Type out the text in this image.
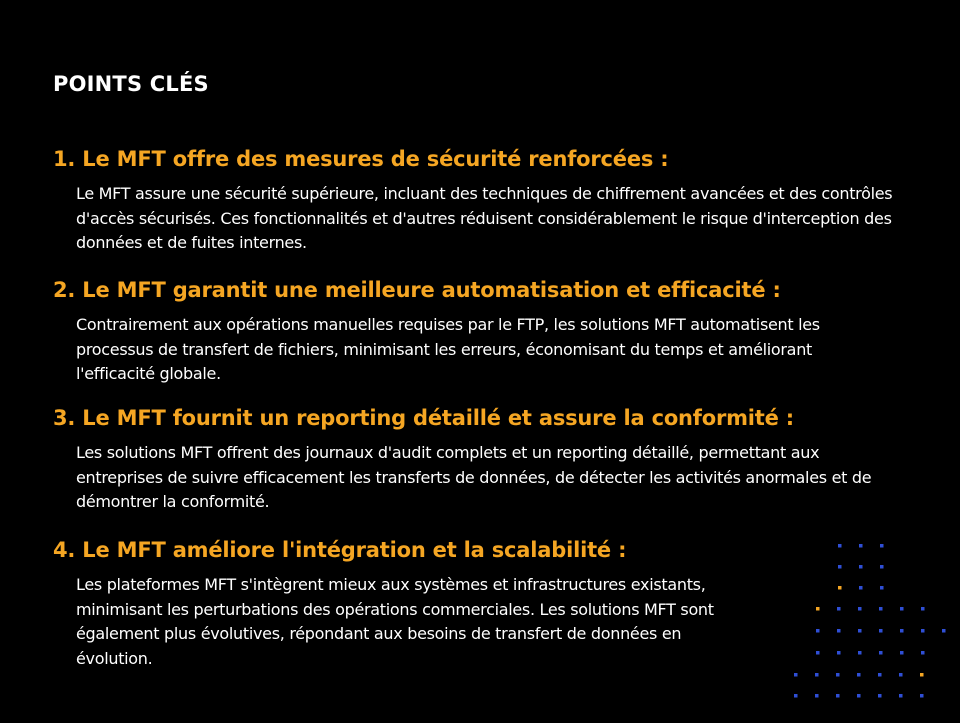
POINTS CLÉS
1. Le MFT offre des mesures de sécurité renforcées :

Le MFT assure une sécurité supérieure, incluant des techniques de chiffrement avancées et des contrôles d'accès sécurisés. Ces fonctionnalités et d'autres réduisent considérablement le risque d'interception des données et de fuites internes.

2. Le MFT garantit une meilleure automatisation et efficacité :

Contrairement aux opérations manuelles requises par le FTP, les solutions MFT automatisent les processus de transfert de fichiers, minimisant les erreurs, économisant du temps et améliorant l'efficacité globale.

3. Le MFT fournit un reporting détaillé et assure la conformité :

Les solutions MFT offrent des journaux d'audit complets et un reporting détaillé, permettant aux entreprises de suivre efficacement les transferts de données, de détecter les activités anormales et de démontrer la conformité.

4. Le MFT améliore l'intégration et la scalabilité :

Les plateformes MFT s'intègrent mieux aux systèmes et infrastructures existants, minimisant les perturbations des opérations commerciales. Les solutions MFT sont également plus évolutives, répondant aux besoins de transfert de données en évolution.
